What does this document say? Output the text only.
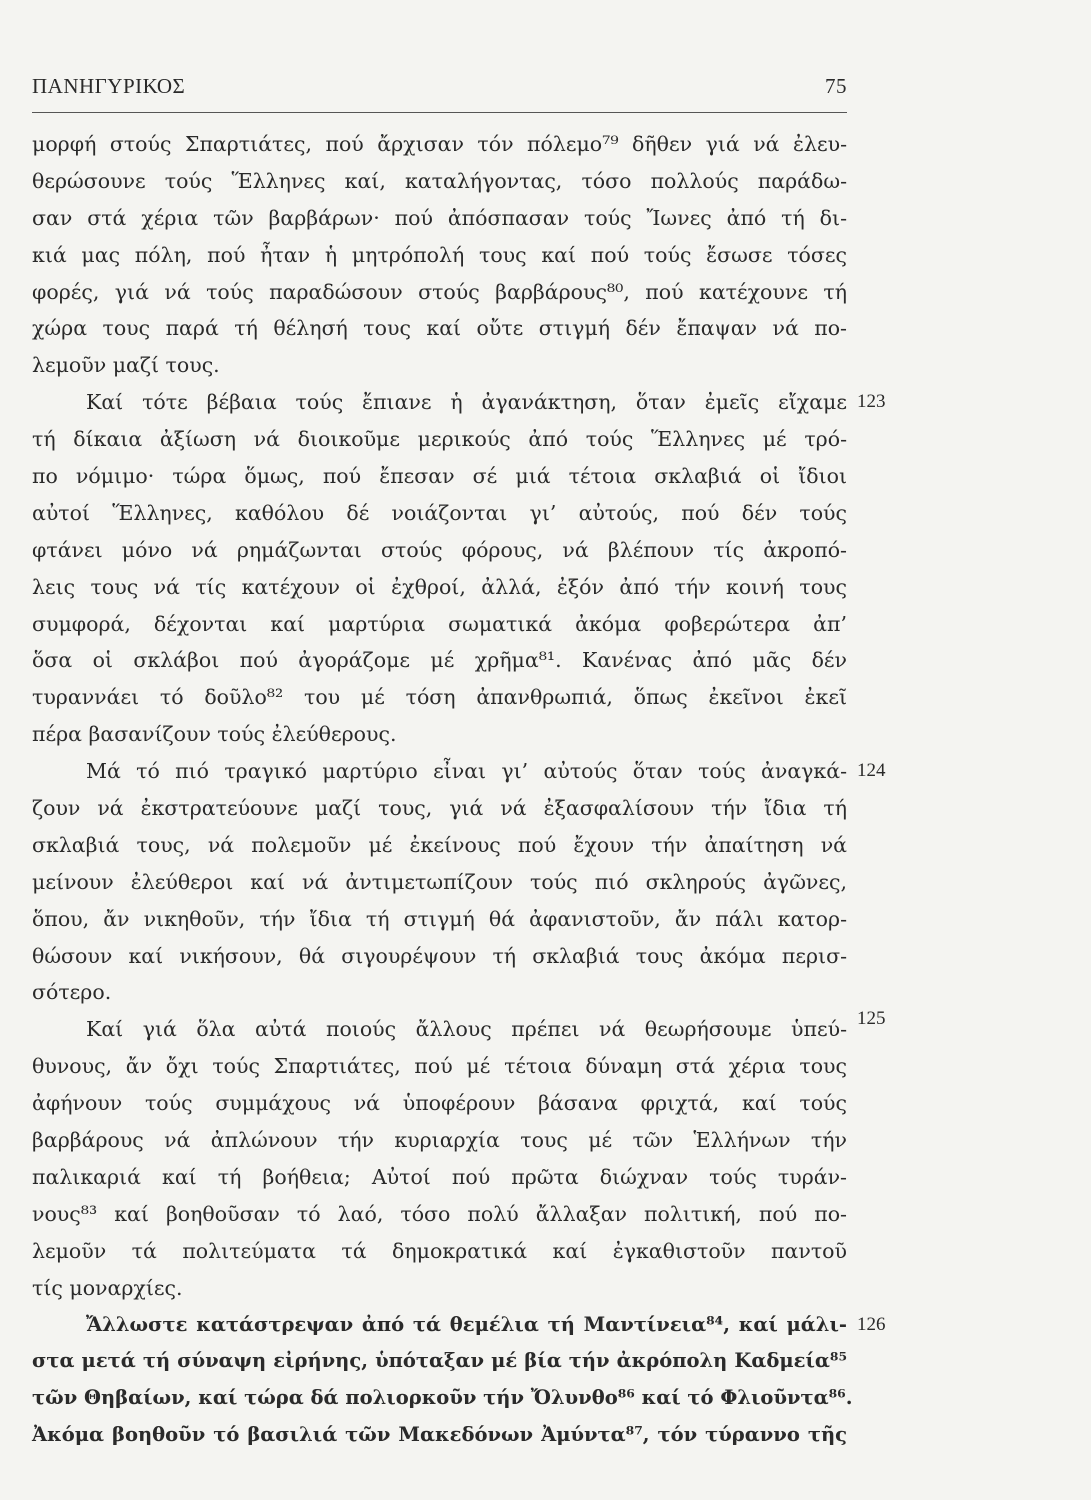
ΠΑΝΗΓΥΡΙΚΟΣ	75
μορφή στούς Σπαρτιάτες, πού ἄρχισαν τόν πόλεμο⁷⁹ δῆθεν γιά νά ἐλευ-
θερώσουνε τούς Ἕλληνες καί, καταλήγοντας, τόσο πολλούς παράδω-
σαν στά χέρια τῶν βαρβάρων· πού ἀπόσπασαν τούς Ἴωνες ἀπό τή δι-
κιά μας πόλη, πού ἦταν ἡ μητρόπολή τους καί πού τούς ἔσωσε τόσες
φορές, γιά νά τούς παραδώσουν στούς βαρβάρους⁸⁰, πού κατέχουνε τή
χώρα τους παρά τή θέλησή τους καί οὔτε στιγμή δέν ἔπαψαν νά πο-
λεμοῦν μαζί τους.
123
Καί τότε βέβαια τούς ἔπιανε ἡ ἀγανάκτηση, ὅταν ἐμεῖς εἴχαμε
τή δίκαια ἀξίωση νά διοικοῦμε μερικούς ἀπό τούς Ἕλληνες μέ τρό-
πο νόμιμο· τώρα ὅμως, πού ἔπεσαν σέ μιά τέτοια σκλαβιά οἱ ἴδιοι
αὐτοί Ἕλληνες, καθόλου δέ νοιάζονται γι’ αὐτούς, πού δέν τούς
φτάνει μόνο νά ρημάζωνται στούς φόρους, νά βλέπουν τίς ἀκροπό-
λεις τους νά τίς κατέχουν οἱ ἐχθροί, ἀλλά, ἐξόν ἀπό τήν κοινή τους
συμφορά, δέχονται καί μαρτύρια σωματικά ἀκόμα φοβερώτερα ἀπ’
ὅσα οἱ σκλάβοι πού ἀγοράζομε μέ χρῆμα⁸¹. Κανένας ἀπό μᾶς δέν
τυραννάει τό δοῦλο⁸² του μέ τόση ἀπανθρωπιά, ὅπως ἐκεῖνοι ἐκεῖ
πέρα βασανίζουν τούς ἐλεύθερους.
124
Μά τό πιό τραγικό μαρτύριο εἶναι γι’ αὐτούς ὅταν τούς ἀναγκά-
ζουν νά ἐκστρατεύουνε μαζί τους, γιά νά ἐξασφαλίσουν τήν ἴδια τή
σκλαβιά τους, νά πολεμοῦν μέ ἐκείνους πού ἔχουν τήν ἀπαίτηση νά
μείνουν ἐλεύθεροι καί νά ἀντιμετωπίζουν τούς πιό σκληρούς ἀγῶνες,
ὅπου, ἄν νικηθοῦν, τήν ἴδια τή στιγμή θά ἀφανιστοῦν, ἄν πάλι κατορ-
θώσουν καί νικήσουν, θά σιγουρέψουν τή σκλαβιά τους ἀκόμα περισ-
σότερο.
125
Καί γιά ὅλα αὐτά ποιούς ἄλλους πρέπει νά θεωρήσουμε ὑπεύ-
θυνους, ἄν ὄχι τούς Σπαρτιάτες, πού μέ τέτοια δύναμη στά χέρια τους
ἀφήνουν τούς συμμάχους νά ὑποφέρουν βάσανα φριχτά, καί τούς
βαρβάρους νά ἀπλώνουν τήν κυριαρχία τους μέ τῶν Ἑλλήνων τήν
παλικαριά καί τή βοήθεια; Αὐτοί πού πρῶτα διώχναν τούς τυράν-
νους⁸³ καί βοηθοῦσαν τό λαό, τόσο πολύ ἄλλαξαν πολιτική, πού πο-
λεμοῦν τά πολιτεύματα τά δημοκρατικά καί ἐγκαθιστοῦν παντοῦ
τίς μοναρχίες.
126
Ἄλλωστε κατάστρεψαν ἀπό τά θεμέλια τή Μαντίνεια⁸⁴, καί μάλι-
στα μετά τή σύναψη εἰρήνης, ὑπόταξαν μέ βία τήν ἀκρόπολη Καδμεία⁸⁵
τῶν Θηβαίων, καί τώρα δά πολιορκοῦν τήν Ὄλυνθο⁸⁶ καί τό Φλιοῦντα⁸⁶.
Ἀκόμα βοηθοῦν τό βασιλιά τῶν Μακεδόνων Ἀμύντα⁸⁷, τόν τύραννο τῆς
